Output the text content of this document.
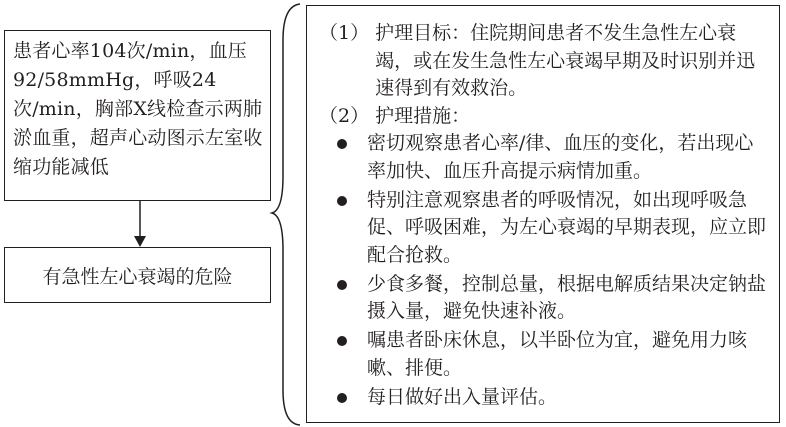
患者心率104次/min，血压92/58mmHg，呼吸24次/min，胸部X线检查示两肺淤血重，超声心动图示左室收缩功能减低
有急性左心衰竭的危险
（1） 护理目标：住院期间患者不发生急性左心衰竭，或在发生急性左心衰竭早期及时识别并迅速得到有效救治。
（2） 护理措施：
密切观察患者心率/律、血压的变化，若出现心率加快、血压升高提示病情加重。
特别注意观察患者的呼吸情况，如出现呼吸急促、呼吸困难，为左心衰竭的早期表现，应立即配合抢救。
少食多餐，控制总量，根据电解质结果决定钠盐摄入量，避免快速补液。
嘱患者卧床休息，以半卧位为宜，避免用力咳嗽、排便。
每日做好出入量评估。
